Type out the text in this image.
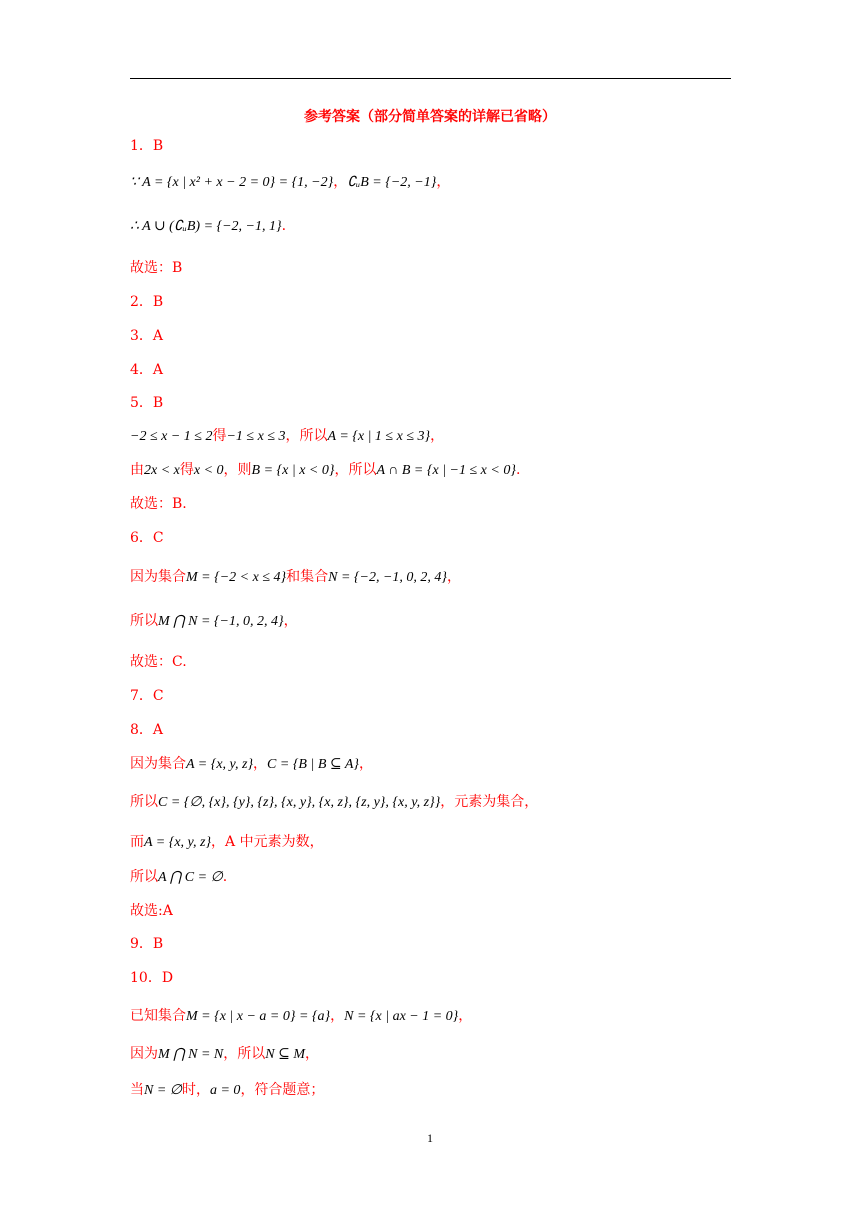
参考答案（部分简单答案的详解已省略）
1．B
∵ A = {x | x² + x − 2 = 0} = {1, −2}，∁ᵤB = {−2, −1}，
∴ A ∪ (∁ᵤB) = {−2, −1, 1}.
故选：B
2．B
3．A
4．A
5．B
−2 ≤ x − 1 ≤ 2得−1 ≤ x ≤ 3，所以A = {x | 1 ≤ x ≤ 3}，
由2x < x得x < 0，则B = {x | x < 0}，所以A ∩ B = {x | −1 ≤ x < 0}.
故选：B.
6．C
因为集合M = {−2 < x ≤ 4}和集合N = {−2, −1, 0, 2, 4}，
所以M ⋂ N = {−1, 0, 2, 4}，
故选：C.
7．C
8．A
因为集合A = {x, y, z}，C = {B | B ⊆ A}，
所以C = {∅, {x}, {y}, {z}, {x, y}, {x, z}, {z, y}, {x, y, z}}，元素为集合，
而A = {x, y, z}，A 中元素为数，
所以A ⋂ C = ∅.
故选:A
9．B
10．D
已知集合M = {x | x − a = 0} = {a}，N = {x | ax − 1 = 0}，
因为M ⋂ N = N，所以N ⊆ M，
当N = ∅时，a = 0，符合题意；
1
